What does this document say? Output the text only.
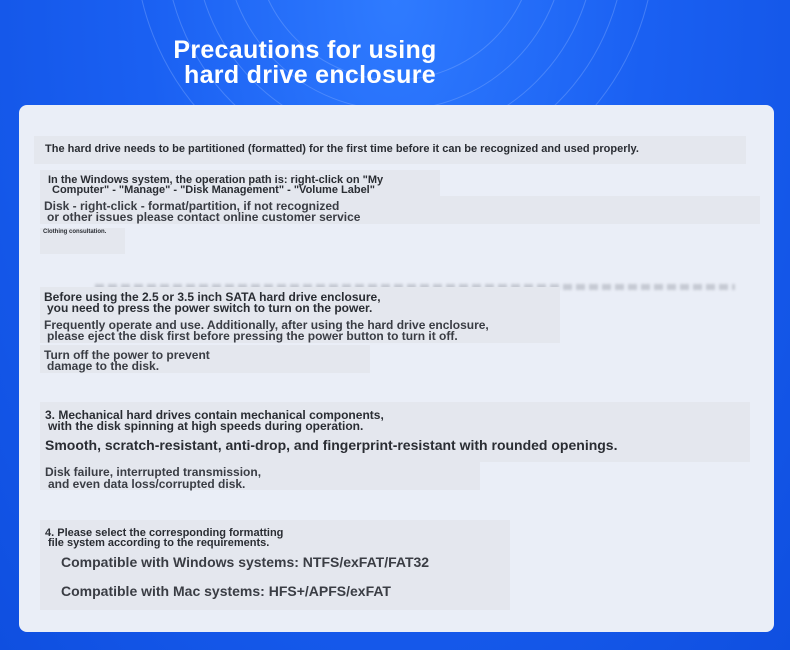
Precautions for using
hard drive enclosure

The hard drive needs to be partitioned (formatted) for the first time before it can be recognized and used properly.

In the Windows system, the operation path is: right-click on "My

Computer" - "Manage" - "Disk Management" - "Volume Label"

Disk - right-click - format/partition, if not recognized

or other issues please contact online customer service

Clothing consultation.

Before using the 2.5 or 3.5 inch SATA hard drive enclosure,

you need to press the power switch to turn on the power.

Frequently operate and use. Additionally, after using the hard drive enclosure,

please eject the disk first before pressing the power button to turn it off.

Turn off the power to prevent

damage to the disk.

3. Mechanical hard drives contain mechanical components,

with the disk spinning at high speeds during operation.

Smooth, scratch-resistant, anti-drop, and fingerprint-resistant with rounded openings.

Disk failure, interrupted transmission,

and even data loss/corrupted disk.

4. Please select the corresponding formatting

file system according to the requirements.

Compatible with Windows systems: NTFS/exFAT/FAT32

Compatible with Mac systems: HFS+/APFS/exFAT
